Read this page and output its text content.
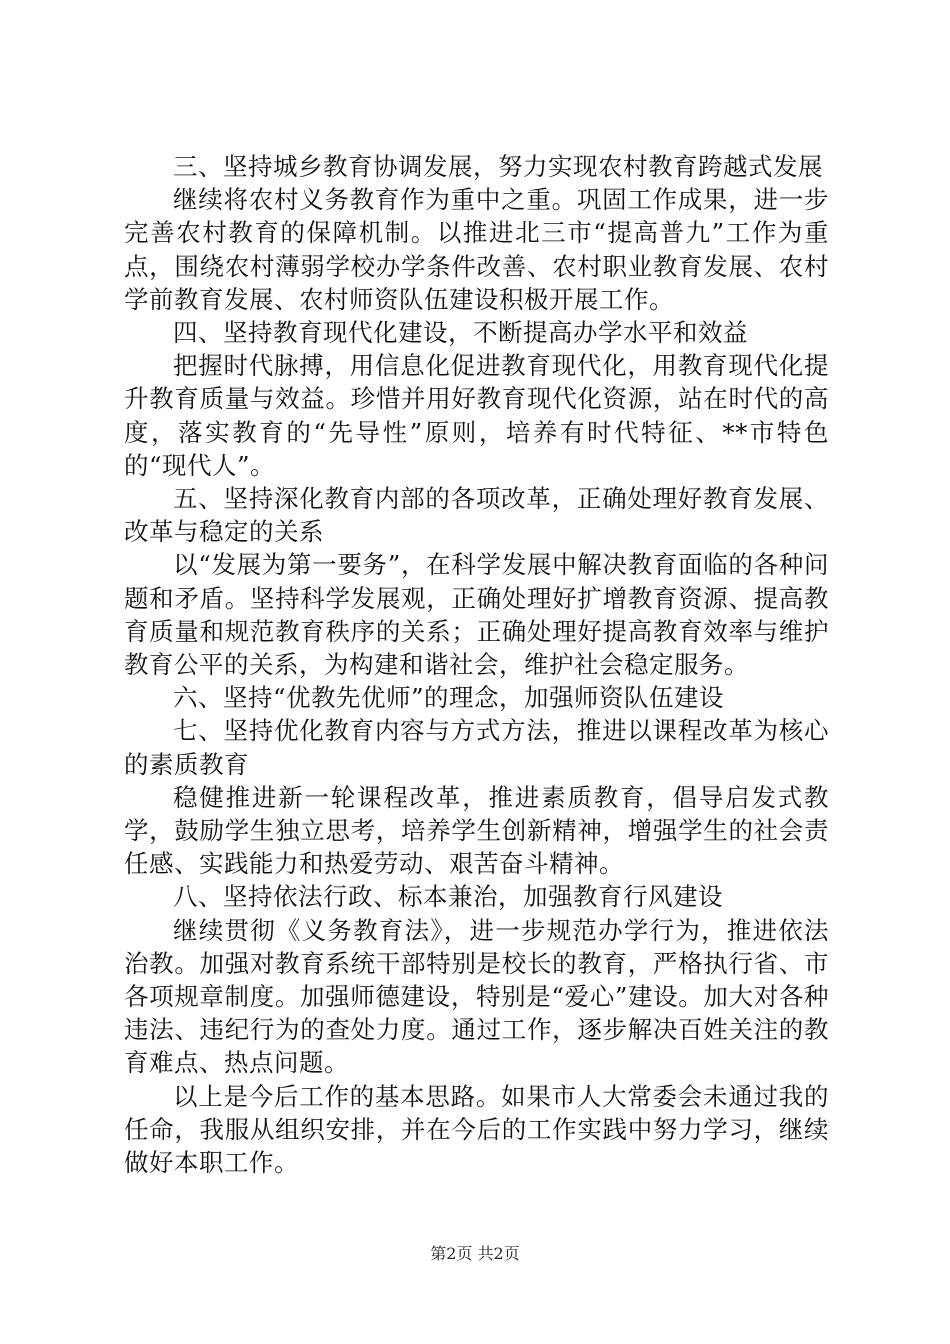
三、坚持城乡教育协调发展，努力实现农村教育跨越式发展

继续将农村义务教育作为重中之重。巩固工作成果，进一步完善农村教育的保障机制。以推进北三市“提高普九”工作为重点，围绕农村薄弱学校办学条件改善、农村职业教育发展、农村学前教育发展、农村师资队伍建设积极开展工作。

四、坚持教育现代化建设，不断提高办学水平和效益

把握时代脉搏，用信息化促进教育现代化，用教育现代化提升教育质量与效益。珍惜并用好教育现代化资源，站在时代的高度，落实教育的“先导性”原则，培养有时代特征、**市特色的“现代人”。

五、坚持深化教育内部的各项改革，正确处理好教育发展、改革与稳定的关系

以“发展为第一要务”，在科学发展中解决教育面临的各种问题和矛盾。坚持科学发展观，正确处理好扩增教育资源、提高教育质量和规范教育秩序的关系；正确处理好提高教育效率与维护教育公平的关系，为构建和谐社会，维护社会稳定服务。

六、坚持“优教先优师”的理念，加强师资队伍建设

七、坚持优化教育内容与方式方法，推进以课程改革为核心的素质教育

稳健推进新一轮课程改革，推进素质教育，倡导启发式教学，鼓励学生独立思考，培养学生创新精神，增强学生的社会责任感、实践能力和热爱劳动、艰苦奋斗精神。

八、坚持依法行政、标本兼治，加强教育行风建设

继续贯彻《义务教育法》，进一步规范办学行为，推进依法治教。加强对教育系统干部特别是校长的教育，严格执行省、市各项规章制度。加强师德建设，特别是“爱心”建设。加大对各种违法、违纪行为的查处力度。通过工作，逐步解决百姓关注的教育难点、热点问题。

以上是今后工作的基本思路。如果市人大常委会未通过我的任命，我服从组织安排，并在今后的工作实践中努力学习，继续做好本职工作。

第2页 共2页
